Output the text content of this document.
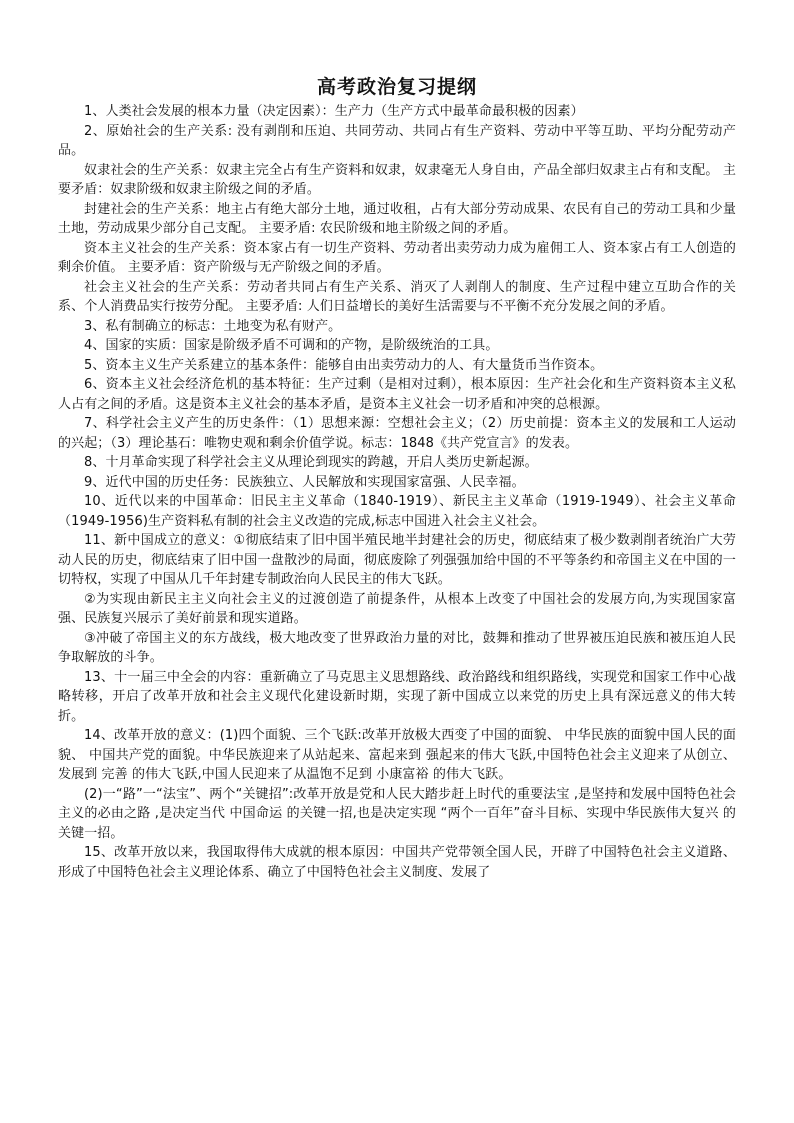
高考政治复习提纲

1、人类社会发展的根本力量（决定因素）：生产力（生产方式中最革命最积极的因素）

2、原始社会的生产关系: 没有剥削和压迫、共同劳动、共同占有生产资料、劳动中平等互助、平均分配劳动产品。

奴隶社会的生产关系：奴隶主完全占有生产资料和奴隶，奴隶毫无人身自由，产品全部归奴隶主占有和支配。 主要矛盾：奴隶阶级和奴隶主阶级之间的矛盾。

封建社会的生产关系：地主占有绝大部分土地，通过收租，占有大部分劳动成果、农民有自己的劳动工具和少量土地，劳动成果少部分自己支配。 主要矛盾: 农民阶级和地主阶级之间的矛盾。

资本主义社会的生产关系：资本家占有一切生产资料、劳动者出卖劳动力成为雇佣工人、资本家占有工人创造的剩余价值。 主要矛盾：资产阶级与无产阶级之间的矛盾。

社会主义社会的生产关系：劳动者共同占有生产关系、消灭了人剥削人的制度、生产过程中建立互助合作的关系、个人消费品实行按劳分配。 主要矛盾: 人们日益增长的美好生活需要与不平衡不充分发展之间的矛盾。

3、私有制确立的标志：土地变为私有财产。

4、国家的实质：国家是阶级矛盾不可调和的产物，是阶级统治的工具。

5、资本主义生产关系建立的基本条件：能够自由出卖劳动力的人、有大量货币当作资本。

6、资本主义社会经济危机的基本特征：生产过剩（是相对过剩），根本原因：生产社会化和生产资料资本主义私人占有之间的矛盾。这是资本主义社会的基本矛盾，是资本主义社会一切矛盾和冲突的总根源。

7、科学社会主义产生的历史条件：（1）思想来源：空想社会主义；（2）历史前提：资本主义的发展和工人运动的兴起；（3）理论基石：唯物史观和剩余价值学说。标志：1848《共产党宣言》的发表。

8、十月革命实现了科学社会主义从理论到现实的跨越，开启人类历史新起源。

9、近代中国的历史任务：民族独立、人民解放和实现国家富强、人民幸福。

10、近代以来的中国革命：旧民主主义革命（1840-1919）、新民主主义革命（1919-1949）、社会主义革命（1949-1956)生产资料私有制的社会主义改造的完成,标志中国进入社会主义社会。

11、新中国成立的意义：①彻底结束了旧中国半殖民地半封建社会的历史，彻底结束了极少数剥削者统治广大劳动人民的历史，彻底结束了旧中国一盘散沙的局面，彻底废除了列强强加给中国的不平等条约和帝国主义在中国的一切特权，实现了中国从几千年封建专制政治向人民民主的伟大飞跃。

②为实现由新民主主义向社会主义的过渡创造了前提条件，从根本上改变了中国社会的发展方向,为实现国家富强、民族复兴展示了美好前景和现实道路。

③冲破了帝国主义的东方战线，极大地改变了世界政治力量的对比，鼓舞和推动了世界被压迫民族和被压迫人民争取解放的斗争。

13、十一届三中全会的内容：重新确立了马克思主义思想路线、政治路线和组织路线，实现党和国家工作中心战略转移，开启了改革开放和社会主义现代化建设新时期，实现了新中国成立以来党的历史上具有深远意义的伟大转折。

14、改革开放的意义：(1)四个面貌、三个飞跃:改革开放极大西变了中国的面貌、 中华民族的面貌中国人民的面貌、 中国共产党的面貌。中华民族迎来了从站起来、富起来到 强起来的伟大飞跃,中国特色社会主义迎来了从创立、发展到 完善 的伟大飞跃,中国人民迎来了从温饱不足到 小康富裕 的伟大飞跃。

(2)一“路”一“法宝”、两个“关键招”:改革开放是党和人民大踏步赶上时代的重要法宝 ,是坚持和发展中国特色社会主义的必由之路 ,是决定当代 中国命运 的关键一招,也是决定实现 “两个一百年”奋斗目标、实现中华民族伟大复兴 的关键一招。

15、改革开放以来，我国取得伟大成就的根本原因：中国共产党带领全国人民，开辟了中国特色社会主义道路、形成了中国特色社会主义理论体系、确立了中国特色社会主义制度、发展了
